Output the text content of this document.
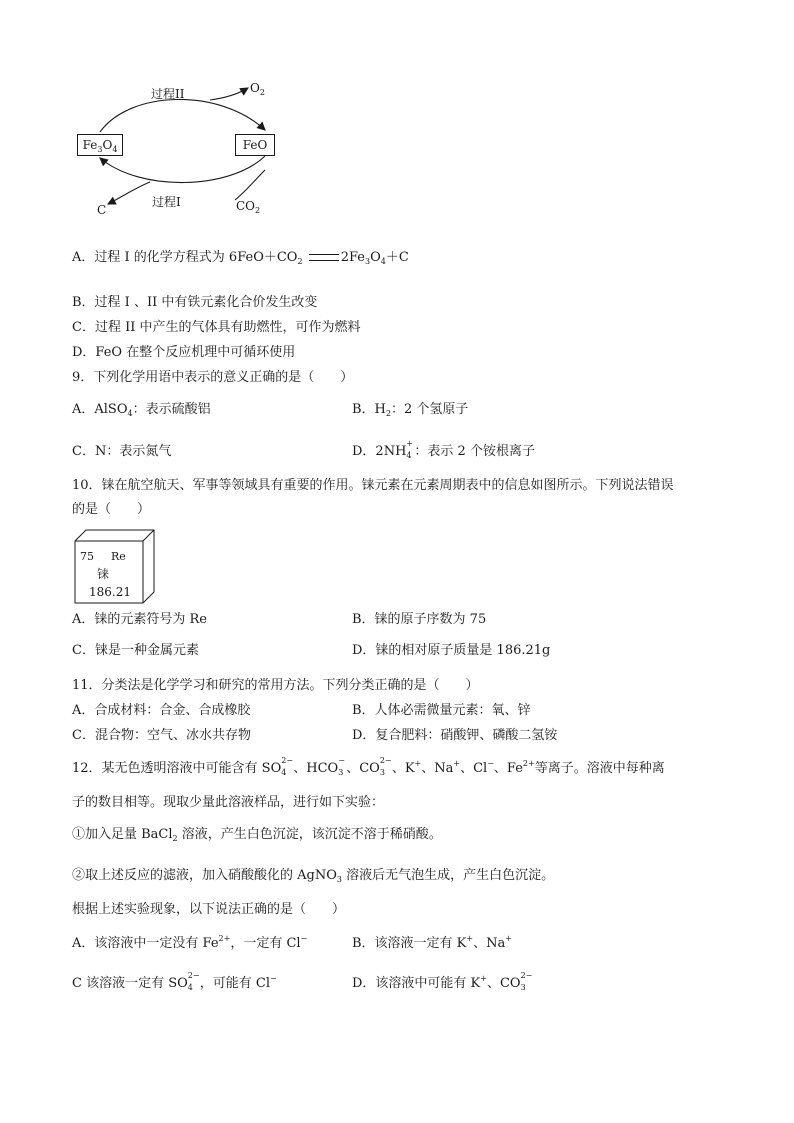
过程II	$O_2$
$Fe_3O_4$	FeO
过程I
C	$CO_2$
A．过程 I 的化学方程式为 $6FeO+CO_2$	$2Fe_3O_4+C$
B．过程 I 、II 中有铁元素化合价发生改变
C．过程 II 中产生的气体具有助燃性，可作为燃料
D．FeO 在整个反应机理中可循环使用
9．下列化学用语中表示的意义正确的是（　　）
A．AlSO$_4$：表示硫酸铝	B．$H_2$：2 个氢原子
C．N：表示氮气	D．2NH
+
4 ：表示 2 个铵根离子
10．铼在航空航天、军事等领域具有重要的作用。铼元素在元素周期表中的信息如图所示。下列说法错误
的是（　　）
75 Re
铼
186.21
A．铼的元素符号为 Re	B．铼的原子序数为 75
C．铼是一种金属元素	D．铼的相对原子质量是 186.21g
11．分类法是化学学习和研究的常用方法。下列分类正确的是（　　）
A．合成材料：合金、合成橡胶	B．人体必需微量元素：氧、锌
C．混合物：空气、冰水共存物	D．复合肥料：硝酸钾、磷酸二氢铵
12．某无色透明溶液中可能含有 SO
2−
4 、HCO
−
3 、CO
2−
3 、K+、Na+、Cl−、$Fe^{2+}$等离子。溶液中每种离
子的数目相等。现取少量此溶液样品，进行如下实验：
①加入足量 BaCl$_2$ 溶液，产生白色沉淀，该沉淀不溶于稀硝酸。
②取上述反应的滤液，加入硝酸酸化的 AgNO$_3$ 溶液后无气泡生成，产生白色沉淀。
根据上述实验现象，以下说法正确的是（　　）
A．该溶液中一定没有 $Fe^{2+}$，一定有 Cl−	B．该溶液一定有 K+、Na+
C 该溶液一定有 SO
2−
4 ，可能有 Cl−	D．该溶液中可能有 K+、CO
2−
3
